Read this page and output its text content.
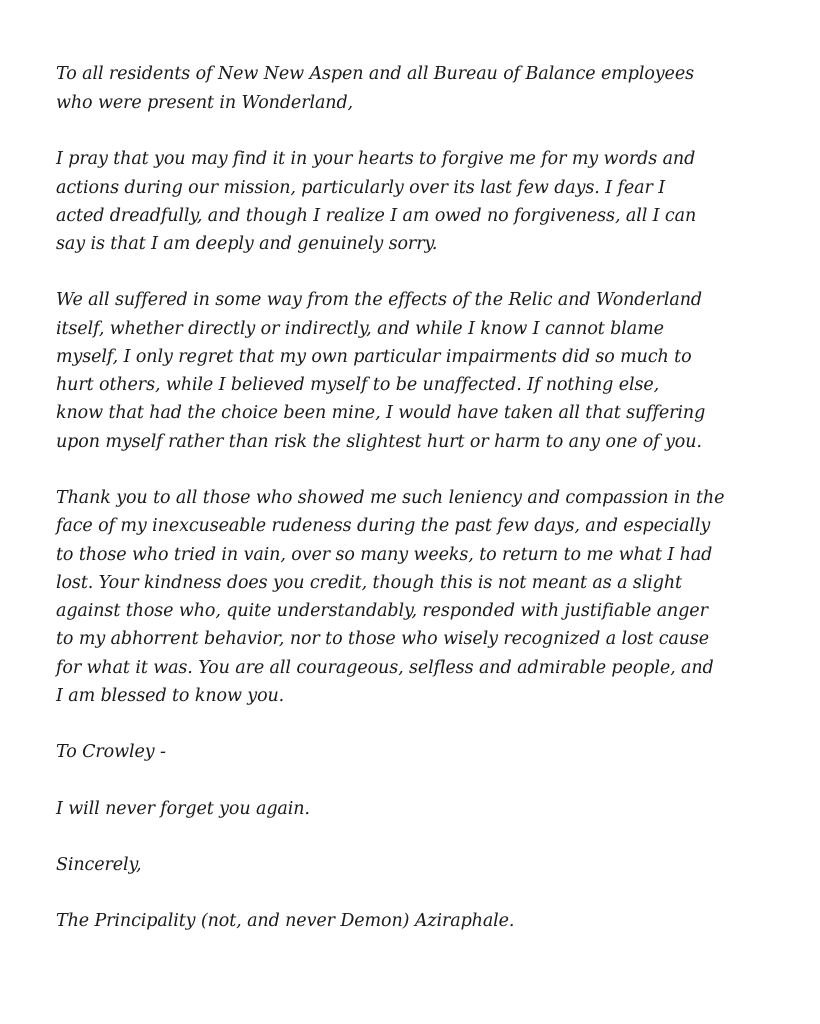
To all residents of New New Aspen and all Bureau of Balance employees
who were present in Wonderland,
I pray that you may find it in your hearts to forgive me for my words and
actions during our mission, particularly over its last few days. I fear I
acted dreadfully, and though I realize I am owed no forgiveness, all I can
say is that I am deeply and genuinely sorry.
We all suffered in some way from the effects of the Relic and Wonderland
itself, whether directly or indirectly, and while I know I cannot blame
myself, I only regret that my own particular impairments did so much to
hurt others, while I believed myself to be unaffected. If nothing else,
know that had the choice been mine, I would have taken all that suffering
upon myself rather than risk the slightest hurt or harm to any one of you.
Thank you to all those who showed me such leniency and compassion in the
face of my inexcuseable rudeness during the past few days, and especially
to those who tried in vain, over so many weeks, to return to me what I had
lost. Your kindness does you credit, though this is not meant as a slight
against those who, quite understandably, responded with justifiable anger
to my abhorrent behavior, nor to those who wisely recognized a lost cause
for what it was. You are all courageous, selfless and admirable people, and
I am blessed to know you.
To Crowley -
I will never forget you again.
Sincerely,
The Principality (not, and never Demon) Aziraphale.
